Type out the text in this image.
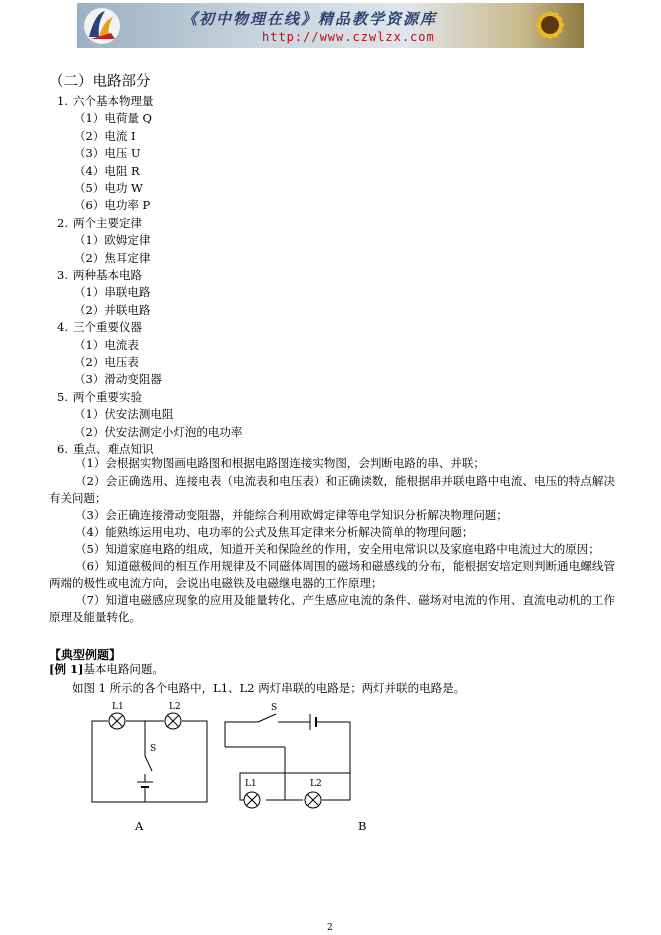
《初中物理在线》精品教学资源库
http://www.czwlzx.com
（二）电路部分
1. 六个基本物理量
（1）电荷量 Q
（2）电流 I
（3）电压 U
（4）电阻 R
（5）电功 W
（6）电功率 P
2. 两个主要定律
（1）欧姆定律
（2）焦耳定律
3. 两种基本电路
（1）串联电路
（2）并联电路
4. 三个重要仪器
（1）电流表
（2）电压表
（3）滑动变阻器
5. 两个重要实验
（1）伏安法测电阻
（2）伏安法测定小灯泡的电功率
6. 重点、难点知识
（1）会根据实物图画电路图和根据电路图连接实物图，会判断电路的串、并联；
（2）会正确选用、连接电表（电流表和电压表）和正确读数，能根据串并联电路中电流、电压的特点解决有关问题；
（3）会正确连接滑动变阻器，并能综合利用欧姆定律等电学知识分析解决物理问题；
（4）能熟练运用电功、电功率的公式及焦耳定律来分析解决简单的物理问题；
（5）知道家庭电路的组成，知道开关和保险丝的作用，安全用电常识以及家庭电路中电流过大的原因；
（6）知道磁极间的相互作用规律及不同磁体周围的磁场和磁感线的分布，能根据安培定则判断通电螺线管两端的极性或电流方向，会说出电磁铁及电磁继电器的工作原理；
（7）知道电磁感应现象的应用及能量转化、产生感应电流的条件、磁场对电流的作用、直流电动机的工作原理及能量转化。
【典型例题】
[例 1]基本电路问题。
如图 1 所示的各个电路中，L1、L2 两灯串联的电路是；两灯并联的电路是。
L1	L2
S
S
L1	L2
A	B
2
